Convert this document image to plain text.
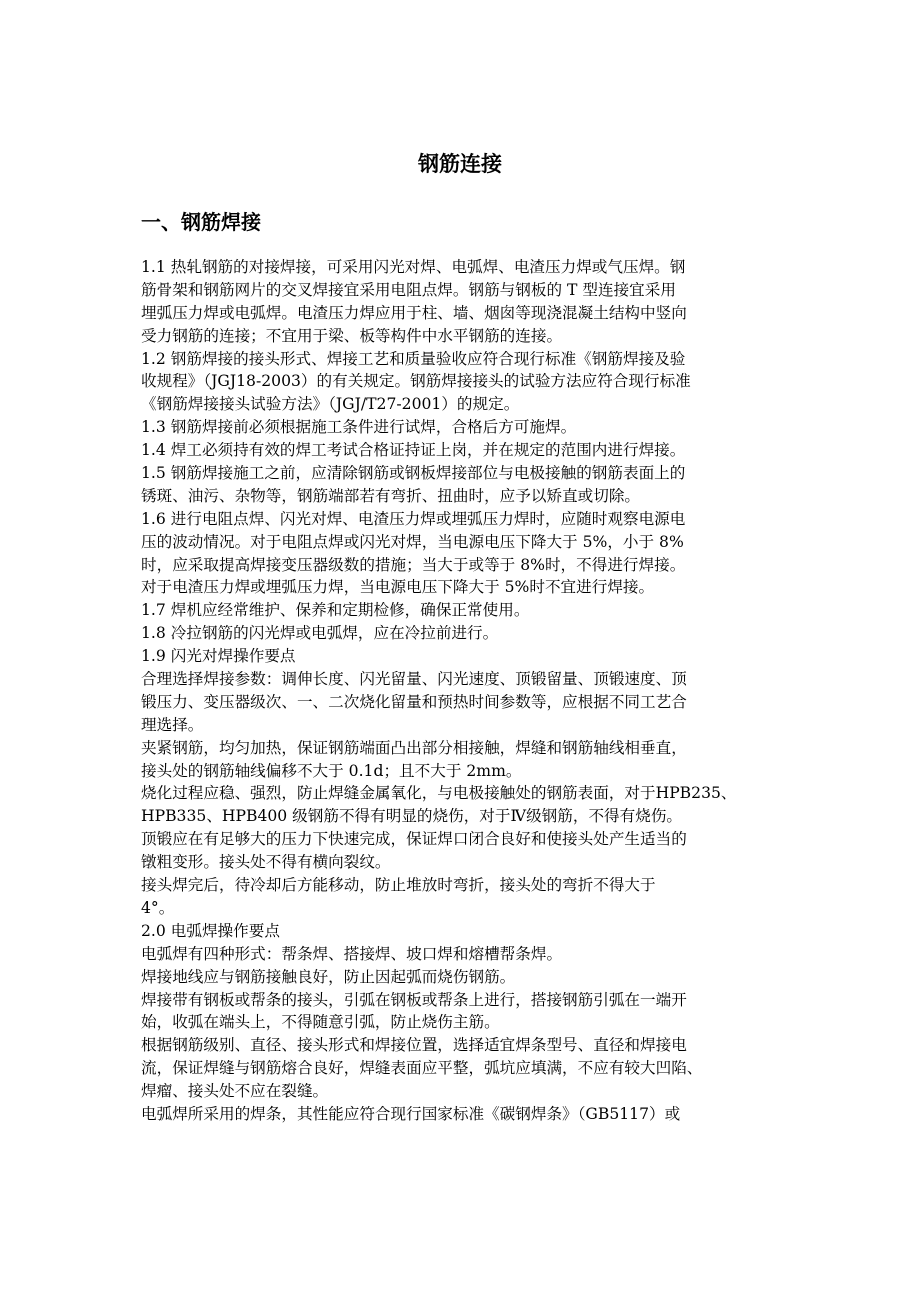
钢筋连接
一、钢筋焊接
1.1 热轧钢筋的对接焊接，可采用闪光对焊、电弧焊、电渣压力焊或气压焊。钢
筋骨架和钢筋网片的交叉焊接宜采用电阻点焊。钢筋与钢板的 T 型连接宜采用
埋弧压力焊或电弧焊。电渣压力焊应用于柱、墙、烟囱等现浇混凝土结构中竖向
受力钢筋的连接；不宜用于梁、板等构件中水平钢筋的连接。
1.2 钢筋焊接的接头形式、焊接工艺和质量验收应符合现行标准《钢筋焊接及验
收规程》（JGJ18-2003）的有关规定。钢筋焊接接头的试验方法应符合现行标准
《钢筋焊接接头试验方法》（JGJ/T27-2001）的规定。
1.3 钢筋焊接前必须根据施工条件进行试焊，合格后方可施焊。
1.4 焊工必须持有效的焊工考试合格证持证上岗，并在规定的范围内进行焊接。
1.5 钢筋焊接施工之前，应清除钢筋或钢板焊接部位与电极接触的钢筋表面上的
锈斑、油污、杂物等，钢筋端部若有弯折、扭曲时，应予以矫直或切除。
1.6 进行电阻点焊、闪光对焊、电渣压力焊或埋弧压力焊时，应随时观察电源电
压的波动情况。对于电阻点焊或闪光对焊，当电源电压下降大于 5%，小于 8%
时，应采取提高焊接变压器级数的措施；当大于或等于 8%时，不得进行焊接。
对于电渣压力焊或埋弧压力焊，当电源电压下降大于 5%时不宜进行焊接。
1.7 焊机应经常维护、保养和定期检修，确保正常使用。
1.8 冷拉钢筋的闪光焊或电弧焊，应在冷拉前进行。
1.9 闪光对焊操作要点
合理选择焊接参数：调伸长度、闪光留量、闪光速度、顶锻留量、顶锻速度、顶
锻压力、变压器级次、一、二次烧化留量和预热时间参数等，应根据不同工艺合
理选择。
夹紧钢筋，均匀加热，保证钢筋端面凸出部分相接触，焊缝和钢筋轴线相垂直，
接头处的钢筋轴线偏移不大于 0.1d；且不大于 2mm。
烧化过程应稳、强烈，防止焊缝金属氧化，与电极接触处的钢筋表面，对于HPB235、
HPB335、HPB400 级钢筋不得有明显的烧伤，对于Ⅳ级钢筋，不得有烧伤。
顶锻应在有足够大的压力下快速完成，保证焊口闭合良好和使接头处产生适当的
镦粗变形。接头处不得有横向裂纹。
接头焊完后，待冷却后方能移动，防止堆放时弯折，接头处的弯折不得大于
4°。
2.0 电弧焊操作要点
电弧焊有四种形式：帮条焊、搭接焊、坡口焊和熔槽帮条焊。
焊接地线应与钢筋接触良好，防止因起弧而烧伤钢筋。
焊接带有钢板或帮条的接头，引弧在钢板或帮条上进行，搭接钢筋引弧在一端开
始，收弧在端头上，不得随意引弧，防止烧伤主筋。
根据钢筋级别、直径、接头形式和焊接位置，选择适宜焊条型号、直径和焊接电
流，保证焊缝与钢筋熔合良好，焊缝表面应平整，弧坑应填满，不应有较大凹陷、
焊瘤、接头处不应在裂缝。
电弧焊所采用的焊条，其性能应符合现行国家标准《碳钢焊条》（GB5117）或
